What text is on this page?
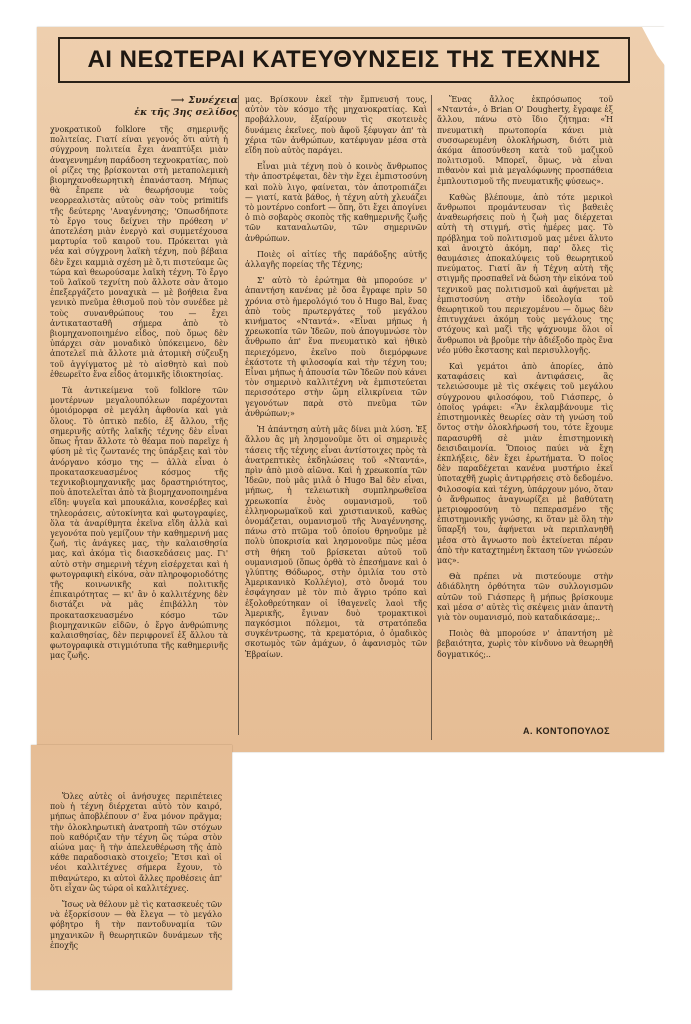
ΑΙ ΝΕΩΤΕΡΑΙ ΚΑΤΕΥΘΥΝΣΕΙΣ ΤΗΣ ΤΕΧΝΗΣ
⟶ Συνέχεια
ἐκ τῆς 3ης σελίδος

χνοκρατικοῦ folklore τῆς σημερινῆς πολιτείας. Γιατί είναι γεγονός ὅτι αὐτὴ ἡ σύγχρονη πολιτεία ἔχει ἀναπτύξει μιὰν ἀναγεννημένη παράδοση τεχνοκρατίας, ποὺ οἱ ρίζες της βρίσκονται στὴ μεταπολεμικὴ βιομηχανοθεωρητικὴ ἐπανάσταση. Μήπως θὰ ἔπρεπε νὰ θεωρήσουμε τοὺς νεορρεαλιστὰς αὐτοὺς σὰν τοὺς primitifs τῆς δεύτερης 'Αναγέννησης; 'Οπωσδήποτε τὸ ἔργο τους δείχνει τὴν πρόθεση ν' ἀποτελέση μιὰν ἐνεργὸ καὶ συμμετέχουσα μαρτυρία τοῦ καιροῦ του. Πρόκειται γιὰ νέα καὶ σύγχρονη λαϊκὴ τέχνη, ποὺ βέβαια δὲν ἔχει καμμιὰ σχέση μὲ ὅ,τι πιστεύαμε ὣς τώρα καὶ θεωρούσαμε λαϊκὴ τέχνη. Τὸ ἔργο τοῦ λαϊκοῦ τεχνίτη ποὺ ἄλλοτε σὰν ἄτομο ἐπεξεργάζετο μοναχικὰ — μὲ βοήθεια ἕνα γενικὸ πνεῦμα ἐθισμοῦ ποὺ τὸν συνέδεε μὲ τοὺς συνανθρώπους του — ἔχει ἀντικατασταθῆ σήμερα ἀπὸ τὸ βιομηχανοποιημένο εἶδος, ποὺ ὅμως δὲν ὑπάρχει σὰν μοναδικὸ ὑπόκειμενο, δὲν ἀποτελεῖ πιὰ ἄλλοτε μιὰ ἀτομικὴ σύζευξη τοῦ ἀγγίγματος μὲ τὸ αἰσθητὸ καὶ ποὺ ἐθεωρεῖτο ἕνα εἶδος ἀτομικῆς ἰδιοκτησίας.

Τὰ ἀντικείμενα τοῦ folklore τῶν μοντέρνων μεγαλουπόλεων παρέχονται ὁμοιόμορφα σὲ μεγάλη ἀφθονία καὶ γιὰ ὅλους. Τὸ ὀπτικὸ πεδίο, ἐξ ἄλλου, τῆς σημερινῆς αὐτῆς λαϊκῆς τέχνης δὲν εἶναι ὅπως ἦταν ἄλλοτε τὸ θέαμα ποὺ παρεῖχε ἡ φύση μὲ τὶς ζωντανές της ὑπάρξεις καὶ τὸν ἀνόργανο κόσμο της — ἀλλὰ εἶναι ὁ προκατασκευασμένος κόσμος τῆς τεχνικοβιομηχανικῆς μας δραστηριότητος, ποὺ ἀποτελεῖται ἀπὸ τὰ βιομηχανοποιημένα εἴδη: ψυγεῖα καὶ μπουκάλια, κονσέρβες καὶ τηλεοράσεις, αὐτοκίνητα καὶ φωτογραφίες, ὅλα τὰ ἀναρίθμητα ἐκεῖνα εἴδη ἀλλὰ καὶ γεγονότα ποὺ γεμίζουν τὴν καθημερινή μας ζωή, τὶς ἀνάγκες μας, τὴν καλαισθησία μας, καὶ ἀκόμα τὶς διασκεδάσεις μας. Γι' αὐτὸ στὴν σημερινὴ τέχνη εἰσέρχεται καὶ ἡ φωτογραφικὴ εἰκόνα, σὰν πληροφοριοδότης τῆς κοινωνικῆς καὶ πολιτικῆς ἐπικαιρότητας — κι' ἂν ὁ καλλιτέχνης δὲν διστάζει νὰ μᾶς ἐπιβάλλη τὸν προκατασκευασμένο κόσμο τῶν βιομηχανικῶν εἰδῶν, ὁ ἔργο ἀνθρώπινης καλαισθησίας, δὲν περιφρονεῖ ἐξ ἄλλου τὰ φωτογραφικὰ στιγμιότυπα τῆς καθημερινῆς μας ζωῆς.

Ὅλες αὐτὲς οἱ ἀνήσυχες περιπέτειες ποὺ ἡ τέχνη διέρχεται αὐτὸ τὸν καιρό, μήπως ἀποβλέπουν σ' ἕνα μόνον πρᾶγμα; τὴν ὁλοκληρωτικὴ ἀνατροπὴ τῶν στόχων ποὺ καθόριζαν τὴν τέχνη ὣς τώρα στὸν αἰώνα μας· ἢ τὴν ἀπελευθέρωση τῆς ἀπὸ κάθε παραδοσιακὸ στοιχεῖο; Ἔτσι καὶ οἱ νέοι καλλιτέχνες σήμερα ἔχουν, τὸ πιθανώτερο, κι αὐτοὶ ἄλλες προθέσεις ἀπ' ὅτι εἶχαν ὣς τώρα οἱ καλλιτέχνες.

Ἴσως νὰ θέλουν μὲ τὶς κατασκευές τῶν νὰ ἐξορκίσουν — θὰ ἔλεγα — τὸ μεγάλο φόβητρο ἢ τὴν παντοδυναμία τῶν μηχανικῶν ἢ θεωρητικῶν δυνάμεων τῆς ἐποχῆς

μας. Βρίσκουν ἐκεῖ τὴν ἔμπνευσή τους, αὐτὸν τὸν κόσμο τῆς μηχανοκρατίας. Καὶ προβάλλουν, ἐξαίρουν τὶς σκοτεινὲς δυνάμεις ἐκεῖνες, ποὺ ἄφοῦ ξέφυγαν ἀπ' τὰ χέρια τῶν ἀνθρώπων, κατέφυγαν μέσα στὰ εἴδη ποὺ αὐτὸς παράγει.

Εἶναι μιὰ τέχνη ποὺ ὁ κοινὸς ἄνθρωπος τὴν ἀποστρέφεται, δὲν τὴν ἔχει ἐμπιστοσύνη καὶ πολὺ λιγο, φαίνεται, τὸν ἀποτροπιάζει — γιατί, κατὰ βάθος, ἡ τέχνη αὐτὴ χλευάζει τὸ μοντέρνο confort — ὅπη, ὅτι ἔχει ἀπογίνει ὁ πιὸ σοβαρὸς σκοπὸς τῆς καθημερινῆς ζωῆς τῶν καταναλωτῶν, τῶν σημερινῶν ἀνθρώπων.

Ποιὲς οἱ αἰτίες τῆς παράδοξης αὐτῆς ἀλλαγῆς πορείας τῆς Τέχνης;

Σ' αὐτὸ τὸ ἐρώτημα θὰ μπορούσε ν' ἀπαντήση κανένας μὲ ὅσα ἔγραφε πρὶν 50 χρόνια στὸ ἡμερολόγιό του ὁ Hugo Bal, ἕνας ἀπὸ τοὺς πρωτεργάτες τοῦ μεγάλου κινήματος «Νταντά». «Εἶναι μήπως ἡ χρεωκοπία τῶν Ἰδεῶν, ποὺ ἀπογυμνώσε τὸν ἄνθρωπο ἀπ' ἕνα πνευματικὸ καὶ ἠθικὸ περιεχόμενο, ἐκεῖνο ποὺ διεμόρφωνε ἐκάστοτε τὴ φιλοσοφία καὶ τὴν τέχνη του; Εἶναι μήπως ἡ ἀπουσία τῶν Ἰδεῶν ποὺ κάνει τὸν σημερινὸ καλλιτέχνη νὰ ἐμπιστεύεται περισσότερο στὴν ὥμη εἰλικρίνεια τῶν γεγονότων παρὰ στὸ πνεῦμα τῶν ἀνθρώπων;»

Ἡ ἀπάντηση αὐτὴ μᾶς δίνει μιὰ λύση. Ἐξ ἄλλου ἂς μὴ λησμονοῦμε ὅτι οἱ σημερινὲς τάσεις τῆς τέχνης εἶναι ἀντίστοιχες πρὸς τὰ ἀνατρεπτικὲς ἐκδηλώσεις τοῦ «Νταντά», πρὶν ἀπὸ μισὸ αἰῶνα. Καὶ ἡ χρεωκοπία τῶν Ἰδεῶν, ποὺ μᾶς μιλᾶ ὁ Hugo Bal δὲν εἶναι, μήπως, ἡ τελειωτικὴ συμπληρωθεῖσα χρεωκοπία ἑνὸς ουμανισμοῦ, τοῦ ἑλληνορωμαϊκοῦ καὶ χριστιανικοῦ, καθὼς ὀνομάζεται, ουμανισμοῦ τῆς Ἀναγέννησης, πάνω στὸ πτῶμα τοῦ ὁποίου θρηνοῦμε μὲ πολὺ ὑποκρισία καὶ λησμονοῦμε πὼς μέσα στὴ θήκη τοῦ βρίσκεται αὐτοῦ τοῦ ουμανισμοῦ (ὅπως ὀρθὰ τὸ ἐπεσήμανε καὶ ὁ γλύπτης Θόδωρος, στὴν ὁμιλία του στὸ Ἀμερικανικὸ Κολλέγιο), στὸ ὄνομά του ἐσφάγησαν μὲ τὸν πιὸ ἄγριο τρόπο καὶ ἐξολοθρεύτηκαν οἱ ἰθαγενεῖς λαοὶ τῆς Ἀμερικῆς, ἔγιναν δυὸ τρομακτικοὶ παγκόσμιοι πόλεμοι, τὰ στρατόπεδα συγκέντρωσης, τὰ κρεματόρια, ὁ ὁμαδικὸς σκοτωμὸς τῶν ἀμάχων, ὁ ἀφανισμὸς τῶν Ἑβραίων.

Ἕνας ἄλλος ἐκπρόσωπος τοῦ «Νταντά», ὁ Brian O' Dougherty, ἔγραφε ἐξ ἄλλου, πάνω στὸ ἴδιο ζήτημα: «Ἡ πνευματικὴ πρωτοπορία κάνει μιὰ συσσωρευμένη ὁλοκλήρωση, διότι μιὰ ἀκόμα ἀποσύνθεση κατὰ τοῦ μαζικοῦ πολιτισμοῦ. Μπορεῖ, ὅμως, νὰ εἶναι πιθανὸν καὶ μιὰ μεγαλόφωνης προσπάθεια ἐμπλουτισμοῦ τῆς πνευματικῆς φύσεως».

Καθὼς βλέπουμε, ἀπὸ τότε μερικοὶ ἄνθρωποι προμάντευσαν τὶς βαθειὲς ἀναθεωρήσεις ποὺ ἡ ζωὴ μας διέρχεται αὐτὴ τὴ στιγμή, στὶς ἡμέρες μας. Τὸ πρόβλημα τοῦ πολιτισμοῦ μας μένει ἄλυτο καὶ ἀνοιχτὸ ἀκόμη, παρ' ὅλες τὶς θαυμάσιες ἀποκαλύψεις τοῦ θεωρητικοῦ πνεύματος. Γιατί ἂν ἡ Τέχνη αὐτὴ τῆς στιγμῆς προσπαθεῖ νὰ δώση τὴν εἰκόνα τοῦ τεχνικοῦ μας πολιτισμοῦ καὶ ἀφήνεται μὲ ἐμπιστοσύνη στὴν ἰδεολογία τοῦ θεωρητικοῦ του περιεχομένου — ὅμως δὲν ἐπιτυγχάνει ἀκόμη τοὺς μεγάλους της στόχους καὶ μαζὶ τῆς ψάχνουμε ὅλοι οἱ ἄνθρωποι νὰ βροῦμε τὴν ἀδιέξοδο πρὸς ἕνα νέο μύθο ἔκστασης καὶ περισυλλογῆς.

Καὶ γεμάτοι ἀπὸ ἀπορίες, ἀπὸ καταφάσεις καὶ ἀντιφάσεις, ἂς τελειώσουμε μὲ τὶς σκέψεις τοῦ μεγάλου σύγχρονου φιλοσόφου, τοῦ Γιάσπερς, ὁ ὁποῖος γράφει: «Ἂν ἐκλαμβάνουμε τὶς ἐπιστημονικὲς θεωρίες σὰν τὴ γνώση τοῦ ὄντος στὴν ὁλοκλήρωσή του, τότε ἔχουμε παρασυρθῆ σὲ μιὰν ἐπιστημονικὴ δεισιδαιμονία. Ὅποιος παύει νὰ ἔχη ἐκπλήξεις, δὲν ἔχει ἐρωτήματα. Ὁ ποῖος δὲν παραδέχεται κανένα μυστήριο ἐκεῖ ὑποταχθῆ χωρὶς ἀντιρρήσεις στὸ δεδομένο. Φιλοσοφία καὶ τέχνη, ὑπάρχουν μόνο, ὅταν ὁ ἄνθρωπος ἀναγνωρίζει μὲ βαθύτατη μετριοφροσύνη τὸ πεπερασμένο τῆς ἐπιστημονικῆς γνώσης, κι ὅταν μὲ ὅλη τὴν ὕπαρξή του, ἀφήνεται νὰ περιπλανηθῆ μέσα στὸ ἄγνωστο ποὺ ἐκτείνεται πέραν ἀπὸ τὴν καταχτημένη ἔκταση τῶν γνώσεών μας».

Θὰ πρέπει νὰ πιστεύουμε στὴν ἀδιάδλητη ὀρθότητα τῶν συλλογισμῶν αὐτῶν τοῦ Γιάσπερς ἢ μήπως βρίσκουμε καὶ μέσα σ' αὐτὲς τὶς σκέψεις μιὰν ἀπαντὴ γιὰ τὸν ουμανισμό, ποὺ καταδικάσαμε;..

Ποιὸς θὰ μπορούσε ν' ἀπαντήση μὲ βεβαιότητα, χωρὶς τὸν κίνδυνο νὰ θεωρηθῆ δογματικός;..

Α. ΚΟΝΤΟΠΟΥΛΟΣ
